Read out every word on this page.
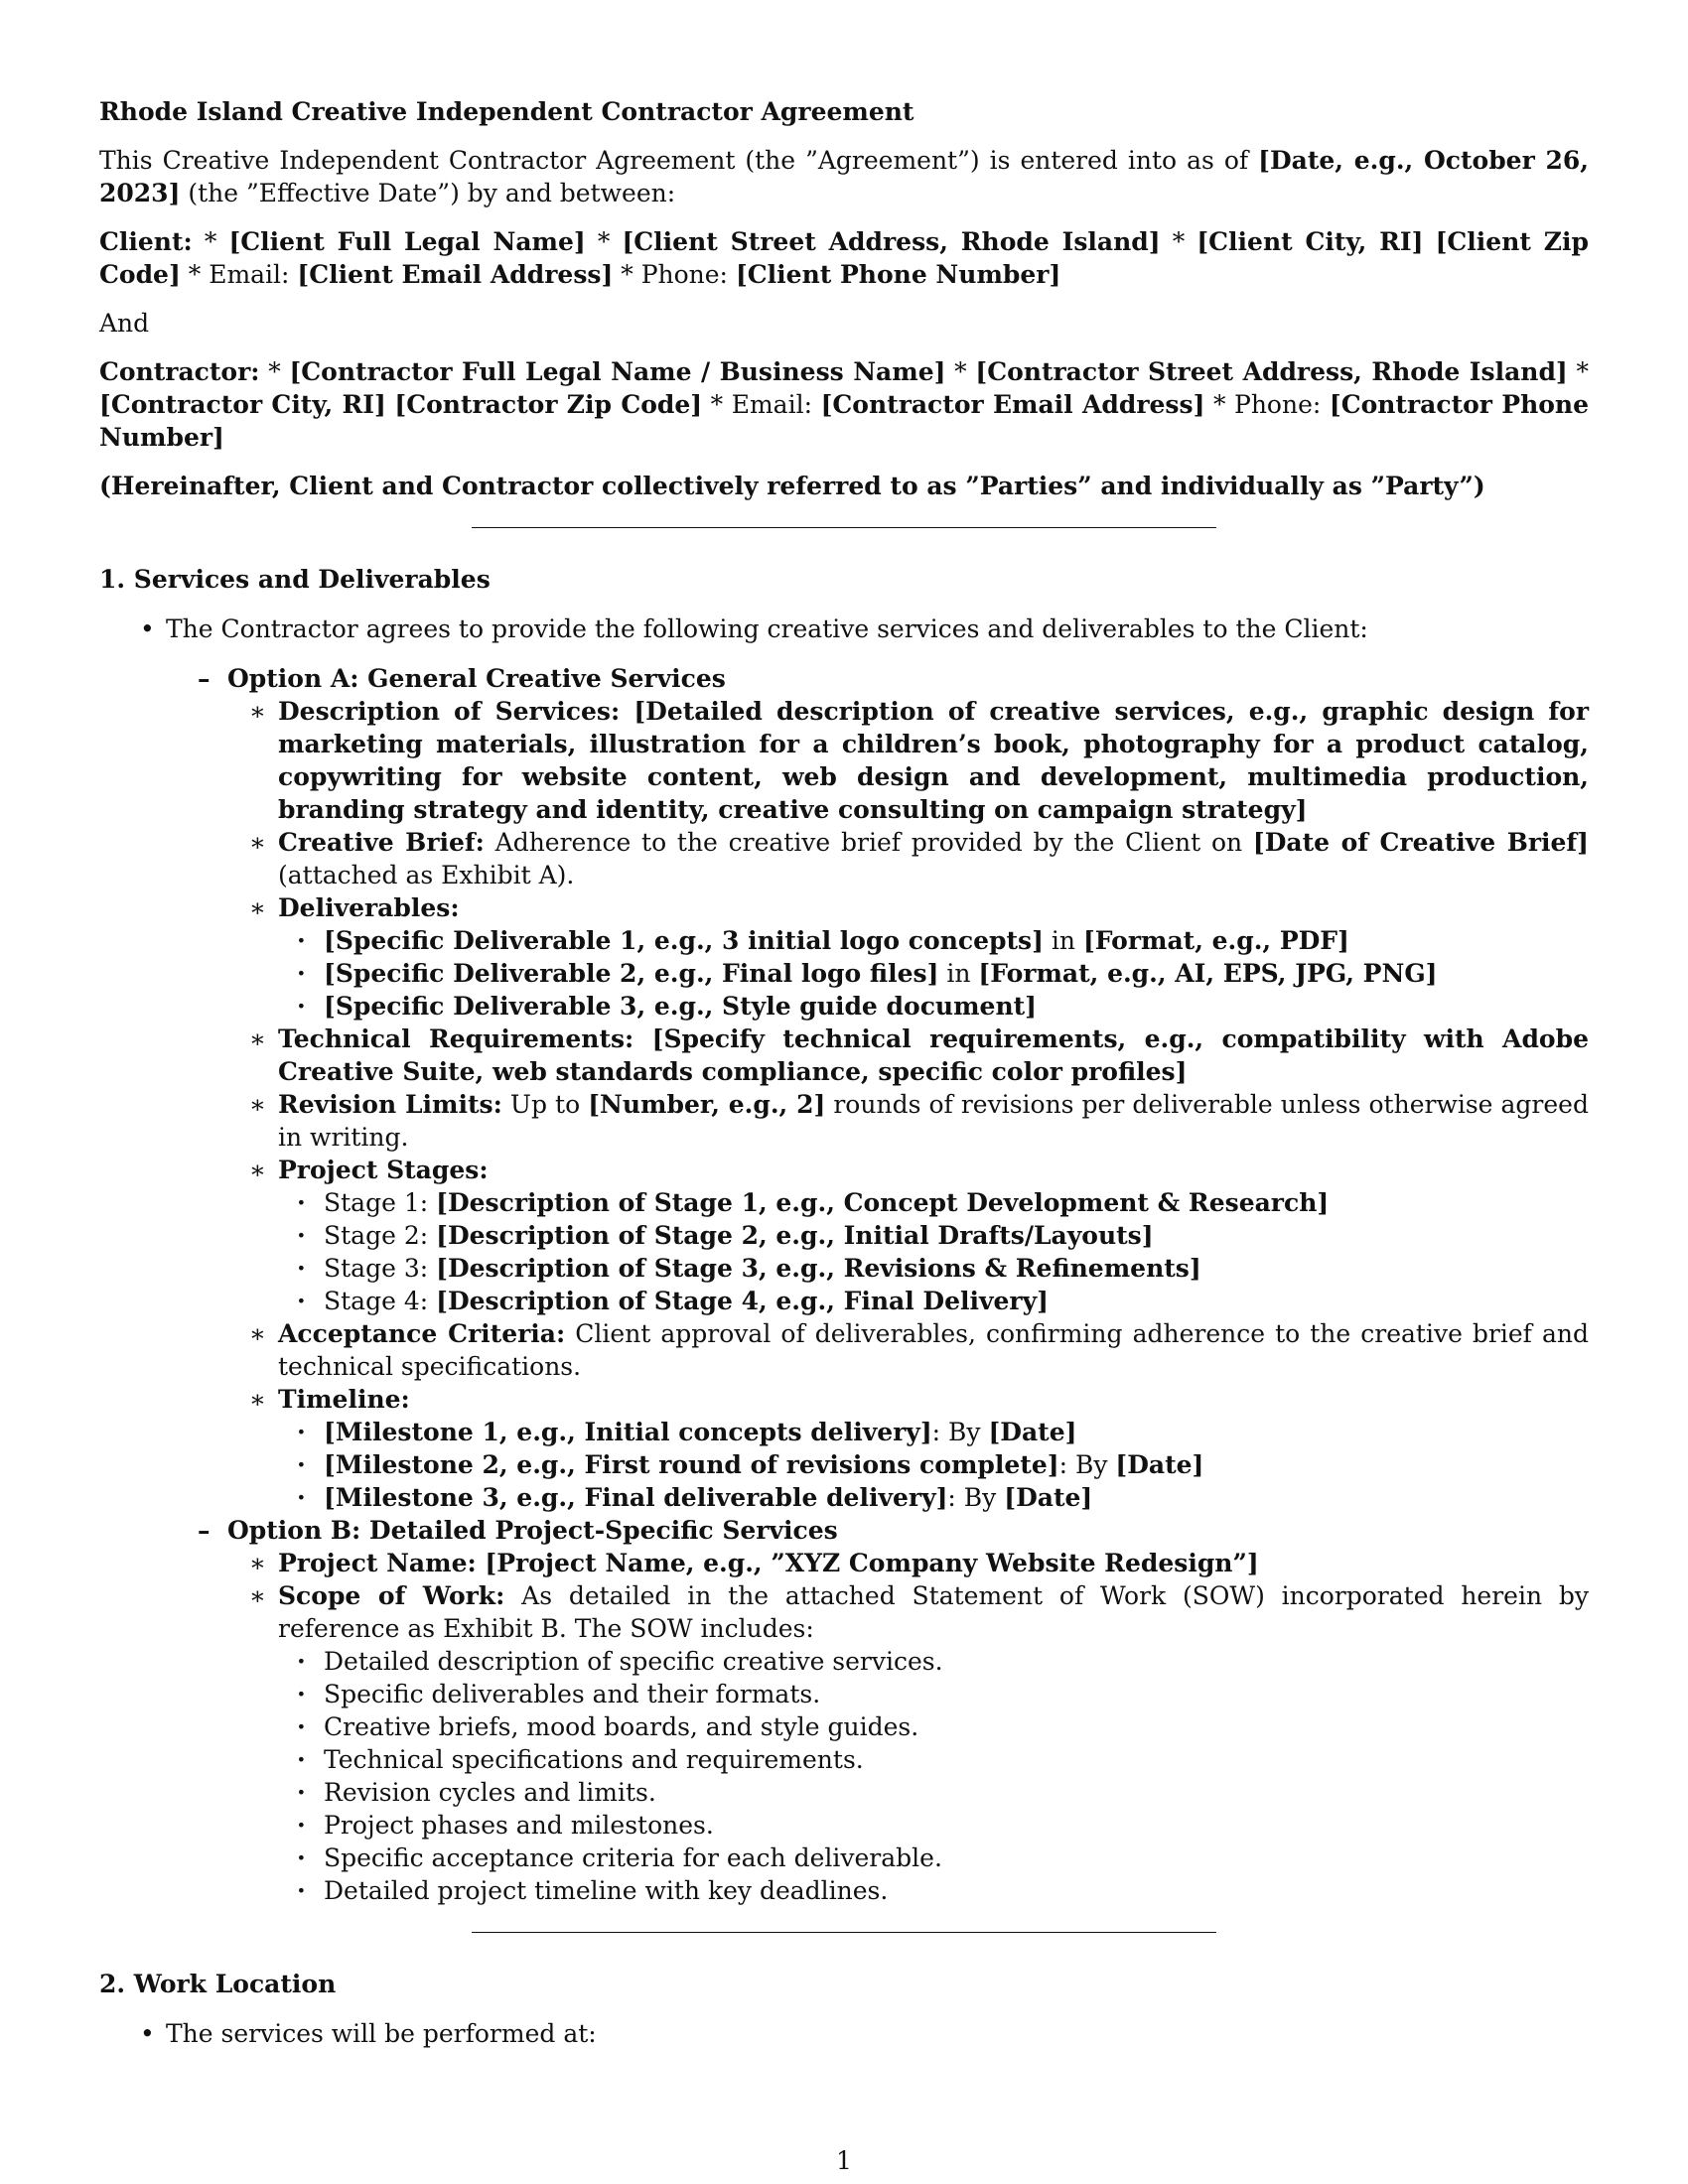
Rhode Island Creative Independent Contractor Agreement

This Creative Independent Contractor Agreement (the ”Agreement”) is entered into as of [Date, e.g., October 26, 2023] (the ”Effective Date”) by and between:

Client: * [Client Full Legal Name] * [Client Street Address, Rhode Island] * [Client City, RI] [Client Zip Code] * Email: [Client Email Address] * Phone: [Client Phone Number]

And

Contractor: * [Contractor Full Legal Name / Business Name] * [Contractor Street Address, Rhode Island] * [Contractor City, RI] [Contractor Zip Code] * Email: [Contractor Email Address] * Phone: [Contractor Phone Number]

(Hereinafter, Client and Contractor collectively referred to as ”Parties” and individually as ”Party”)

1. Services and Deliverables

• The Contractor agrees to provide the following creative services and deliverables to the Client:
– Option A: General Creative Services
∗ Description of Services: [Detailed description of creative services, e.g., graphic design for marketing materials, illustration for a children’s book, photography for a product catalog, copywriting for website content, web design and development, multimedia production, branding strategy and identity, creative consulting on campaign strategy]
∗ Creative Brief: Adherence to the creative brief provided by the Client on [Date of Creative Brief] (attached as Exhibit A).
∗ Deliverables:
· [Specific Deliverable 1, e.g., 3 initial logo concepts] in [Format, e.g., PDF]
· [Specific Deliverable 2, e.g., Final logo files] in [Format, e.g., AI, EPS, JPG, PNG]
· [Specific Deliverable 3, e.g., Style guide document]
∗ Technical Requirements: [Specify technical requirements, e.g., compatibility with Adobe Creative Suite, web standards compliance, specific color profiles]
∗ Revision Limits: Up to [Number, e.g., 2] rounds of revisions per deliverable unless otherwise agreed in writing.
∗ Project Stages:
· Stage 1: [Description of Stage 1, e.g., Concept Development & Research]
· Stage 2: [Description of Stage 2, e.g., Initial Drafts/Layouts]
· Stage 3: [Description of Stage 3, e.g., Revisions & Refinements]
· Stage 4: [Description of Stage 4, e.g., Final Delivery]
∗ Acceptance Criteria: Client approval of deliverables, confirming adherence to the creative brief and technical specifications.
∗ Timeline:
· [Milestone 1, e.g., Initial concepts delivery]: By [Date]
· [Milestone 2, e.g., First round of revisions complete]: By [Date]
· [Milestone 3, e.g., Final deliverable delivery]: By [Date]
– Option B: Detailed Project-Specific Services
∗ Project Name: [Project Name, e.g., ”XYZ Company Website Redesign”]
∗ Scope of Work: As detailed in the attached Statement of Work (SOW) incorporated herein by reference as Exhibit B. The SOW includes:
· Detailed description of specific creative services.
· Specific deliverables and their formats.
· Creative briefs, mood boards, and style guides.
· Technical specifications and requirements.
· Revision cycles and limits.
· Project phases and milestones.
· Specific acceptance criteria for each deliverable.
· Detailed project timeline with key deadlines.

2. Work Location

• The services will be performed at:
1
